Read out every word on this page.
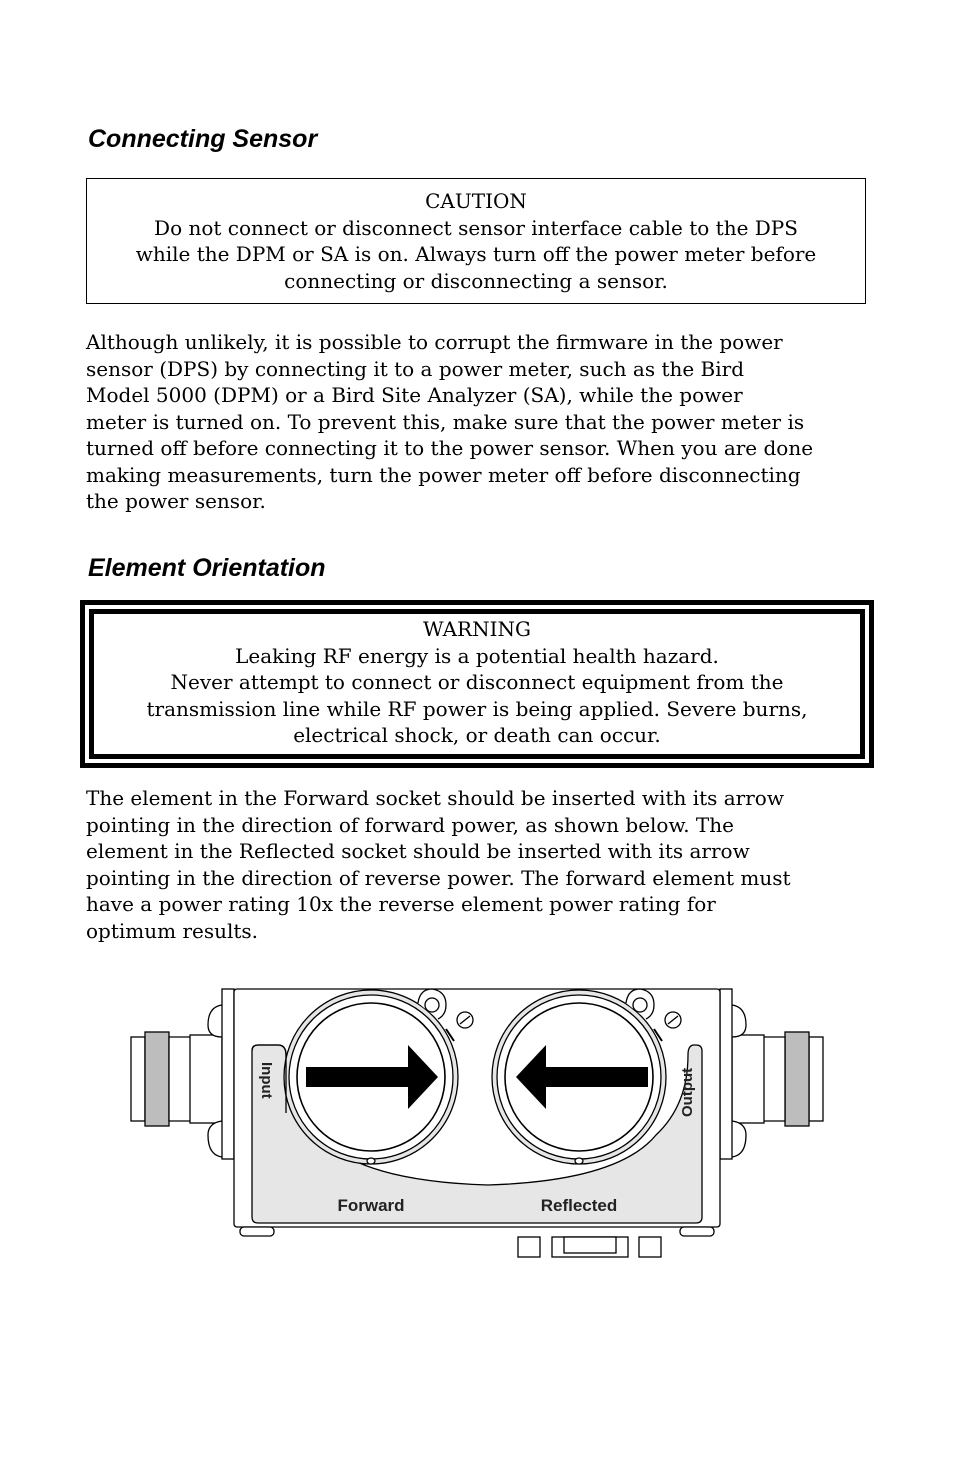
Connecting Sensor
CAUTION
Do not connect or disconnect sensor interface cable to the DPS
while the DPM or SA is on. Always turn off the power meter before
connecting or disconnecting a sensor.

Although unlikely, it is possible to corrupt the firmware in the power
sensor (DPS) by connecting it to a power meter, such as the Bird
Model 5000 (DPM) or a Bird Site Analyzer (SA), while the power
meter is turned on. To prevent this, make sure that the power meter is
turned off before connecting it to the power sensor. When you are done
making measurements, turn the power meter off before disconnecting
the power sensor.

Element Orientation
WARNING
Leaking RF energy is a potential health hazard.
Never attempt to connect or disconnect equipment from the
transmission line while RF power is being applied. Severe burns,
electrical shock, or death can occur.

The element in the Forward socket should be inserted with its arrow
pointing in the direction of forward power, as shown below. The
element in the Reflected socket should be inserted with its arrow
pointing in the direction of reverse power. The forward element must
have a power rating 10x the reverse element power rating for
optimum results.

Input	Output
Forward	Reflected
